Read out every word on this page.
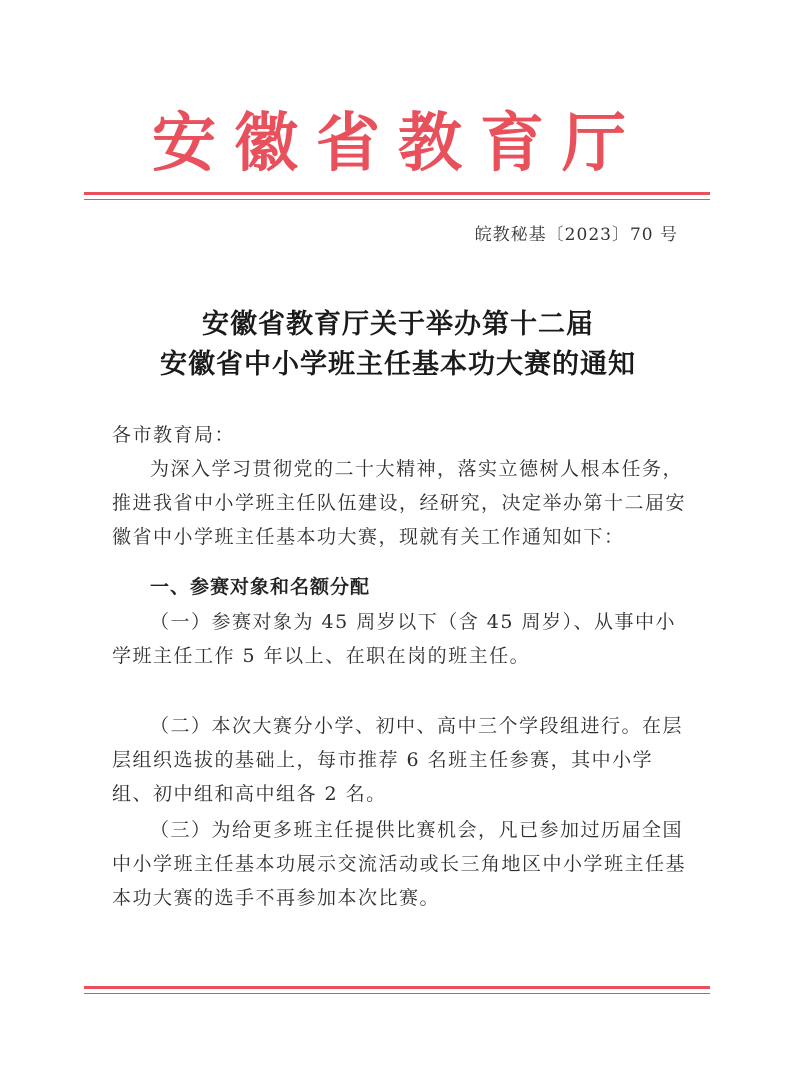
安徽省教育厅
皖教秘基〔2023〕70 号
安徽省教育厅关于举办第十二届
安徽省中小学班主任基本功大赛的通知
各市教育局：

为深入学习贯彻党的二十大精神，落实立德树人根本任务，推进我省中小学班主任队伍建设，经研究，决定举办第十二届安徽省中小学班主任基本功大赛，现就有关工作通知如下：

一、参赛对象和名额分配

（一）参赛对象为 45 周岁以下（含 45 周岁）、从事中小学班主任工作 5 年以上、在职在岗的班主任。

（二）本次大赛分小学、初中、高中三个学段组进行。在层层组织选拔的基础上，每市推荐 6 名班主任参赛，其中小学组、初中组和高中组各 2 名。

（三）为给更多班主任提供比赛机会，凡已参加过历届全国中小学班主任基本功展示交流活动或长三角地区中小学班主任基本功大赛的选手不再参加本次比赛。
